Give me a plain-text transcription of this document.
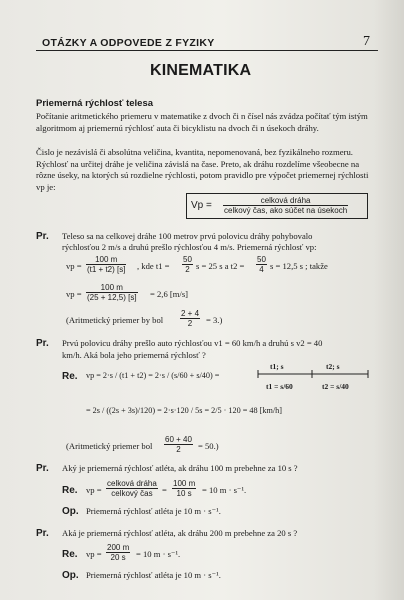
OTÁZKY A ODPOVEDE Z FYZIKY	7
KINEMATIKA
Priemerná rýchlosť telesa
Počítanie aritmetického priemeru v matematike z dvoch či n čísel nás zvádza počítať tým istým algoritmom aj priemernú rýchlosť auta či bicyklistu na dvoch či n úsekoch dráhy.
Čislo je nezávislá či absolútna veličina, kvantita, nepomenovaná, bez fyzikálneho rozmeru. Rýchlosť na určitej dráhe je veličina závislá na čase. Preto, ak dráhu rozdelíme všeobecne na rôzne úseky, na ktorých sú rozdielne rýchlosti, potom pravidlo pre výpočet priemernej rýchlosti vp je:
Vp =	celková dráha
celkový čas, ako súčet na úsekoch
Pr. Teleso sa na celkovej dráhe 100 metrov prvú polovicu dráhy pohybovalo
rýchlosťou 2 m/s a druhú prešlo rýchlosťou 4 m/s. Priemerná rýchlosť vp:
vp = $\frac{100 m}{(t1 + t2) [s]}$ , kde $t1 = \frac{50}{2}$ s = 25 s a $t2 = \frac{50}{4}$ s = 12,5 s ; takže
vp = $\frac{100 m}{(25 + 12,5) [s]} = 2,6$ [m/s]
(Aritmetický priemer by bol $\frac{2 + 4}{2} = 3$.)
Pr. Prvú polovicu dráhy prešlo auto rýchlosťou v1 = 60 km/h a druhú s v2 = 40
km/h. Aká bola jeho priemerná rýchlosť ?
Re. vp = 2·s / (t1 + t2) = 2·s / (s/60 + s/40) =
t1; s	t2; s
t1 = s/60	t2 = s/40
= 2s / ((2s + 3s)/120) = 2·s·120 / 5s = 2/5 · 120 = 48 [km/h]
(Aritmetický priemer bol $\frac{60 + 40}{2} = 50$.)
Pr. Aký je priemerná rýchlosť atléta, ak dráhu 100 m prebehne za 10 s ?
Re. vp =
celková dráha
celkový čas	= $\frac{100 m}{10 s} = 10$ m · s⁻¹.
Op. Priemerná rýchlosť atléta je 10 m · s⁻¹.
Pr. Aká je priemerná rýchlosť atléta, ak dráhu 200 m prebehne za 20 s ?
Re. vp = $\frac{200 m}{20 s} = 10$ m · s⁻¹.
Op. Priemerná rýchlosť atléta je 10 m · s⁻¹.
